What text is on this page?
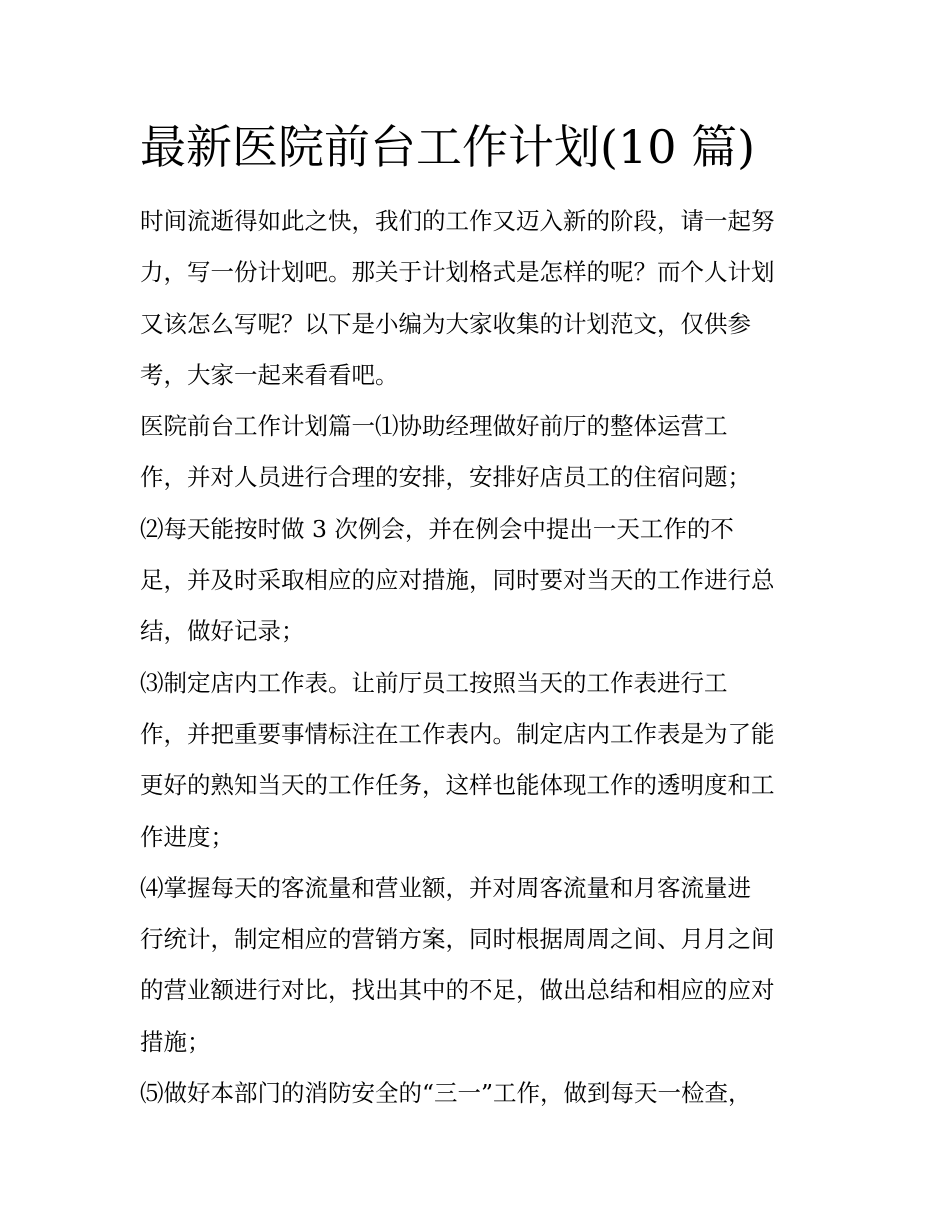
最新医院前台工作计划(10 篇)
时间流逝得如此之快，我们的工作又迈入新的阶段，请一起努
力，写一份计划吧。那关于计划格式是怎样的呢？而个人计划
又该怎么写呢？以下是小编为大家收集的计划范文，仅供参
考，大家一起来看看吧。
医院前台工作计划篇一⑴协助经理做好前厅的整体运营工
作，并对人员进行合理的安排，安排好店员工的住宿问题；
⑵每天能按时做 3 次例会，并在例会中提出一天工作的不
足，并及时采取相应的应对措施，同时要对当天的工作进行总
结，做好记录；
⑶制定店内工作表。让前厅员工按照当天的工作表进行工
作，并把重要事情标注在工作表内。制定店内工作表是为了能
更好的熟知当天的工作任务，这样也能体现工作的透明度和工
作进度；
⑷掌握每天的客流量和营业额，并对周客流量和月客流量进
行统计，制定相应的营销方案，同时根据周周之间、月月之间
的营业额进行对比，找出其中的不足，做出总结和相应的应对
措施；
⑸做好本部门的消防安全的“三一”工作，做到每天一检查，
